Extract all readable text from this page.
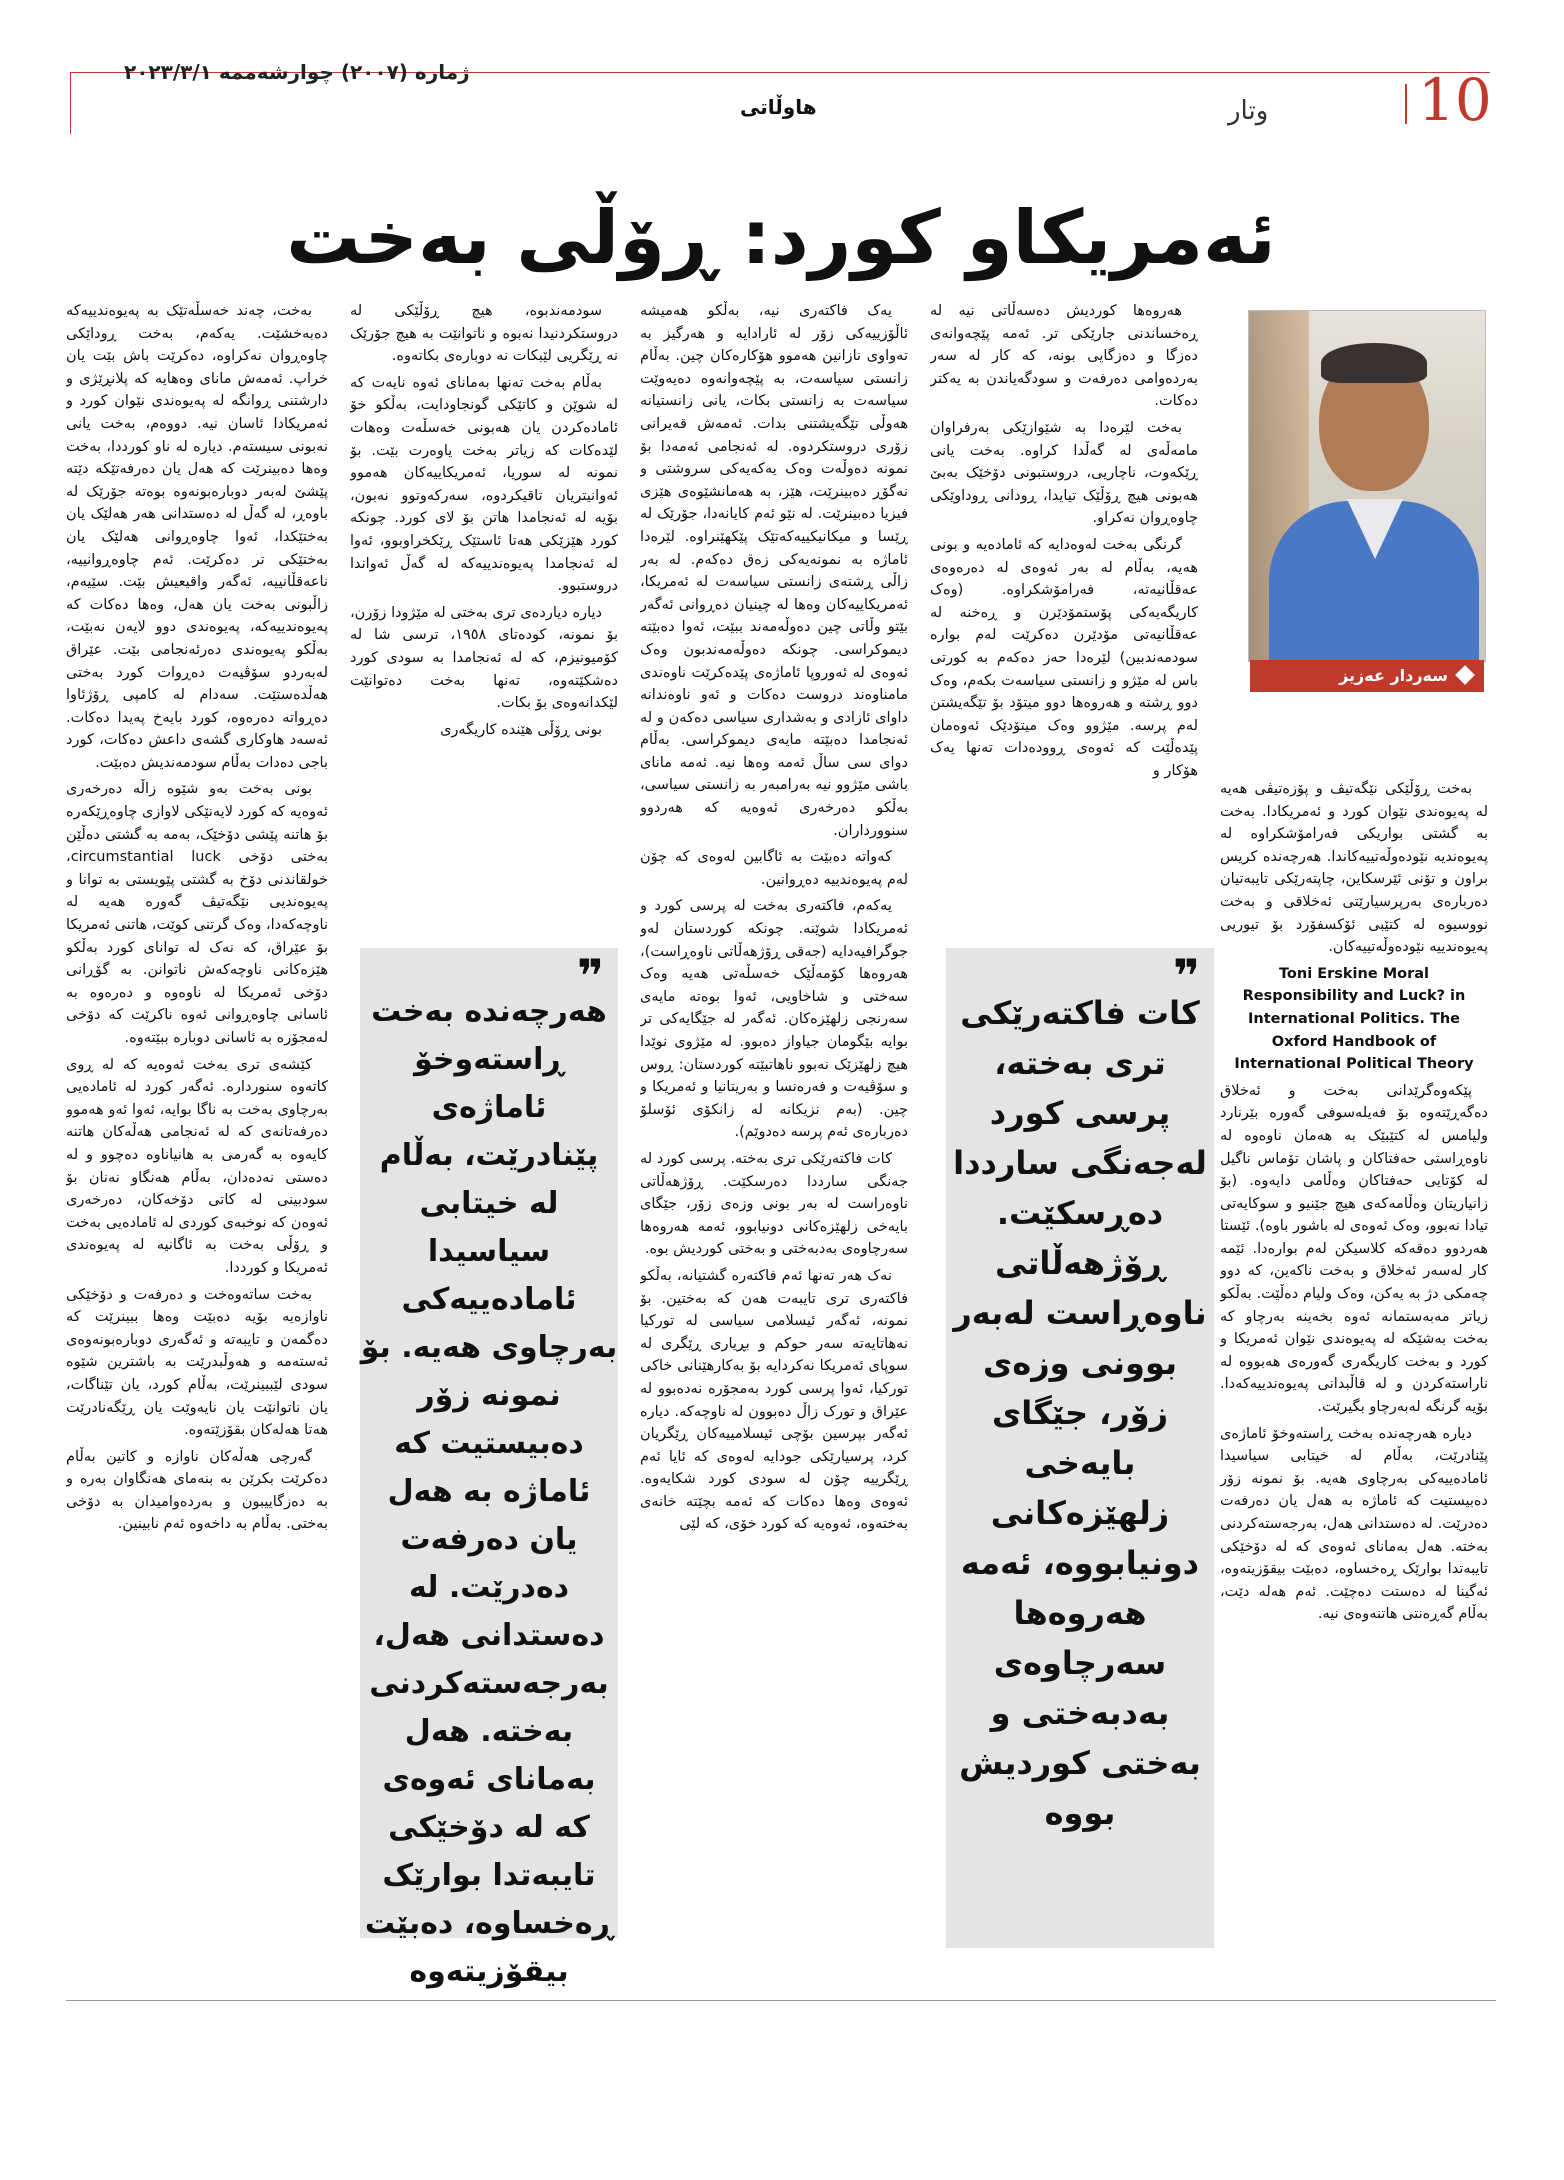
ژمارە (٢٠٠٧) چوارشەممە ٢٠٢٣/٣/١
هاوڵاتی	وتار	10
ئەمریکاو کورد: ڕۆڵی بەخت
سەردار عەزیز

بەخت ڕۆڵێکی نێگەتیڤ و پۆزەتیڤی هەیە لە پەیوەندی نێوان کورد و ئەمریکادا. بەخت بە گشتی بواریکی فەرامۆشکراوە لە پەیوەندیە نێودەوڵەتییەکاندا. هەرچەندە کریس براون و تۆنی ئێرسکاین، چاپتەرێکی تایبەتیان دەربارەی بەرپرسیارێتی ئەخلاقی و بەخت نووسیوە لە کتێبی ئۆکسفۆرد بۆ تیوریی پەیوەندییە نێودەوڵەتییەکان.

Toni Erskine Moral Responsibility and Luck? in International Politics. The Oxford Handbook of International Political Theory

پێکەوەگرێدانی بەخت و ئەخلاق دەگەڕێتەوە بۆ فەیلەسوفی گەورە بێرنارد ولیامس لە کتێبێک بە هەمان ناوەوە لە ناوەڕاستی حەفتاکان و پاشان تۆماس ناگیل لە کۆتایی حەفتاکان وەڵامی دایەوە. (بۆ زانیاریتان وەڵامەکەی هیچ جێنیو و سوکایەتی تیادا نەبوو، وەک ئەوەی لە باشور باوە). ئێستا هەردوو دەقەکە کلاسیکن لەم بوارەدا. ئێمە کار لەسەر ئەخلاق و بەخت ناکەین، کە دوو چەمکی دژ بە یەکن، وەک ولیام دەڵێت. بەڵکو زیاتر مەبەستمانە ئەوە بخەینە بەرچاو کە بەخت بەشێکە لە پەیوەندی نێوان ئەمریکا و کورد و بەخت کاریگەری گەورەی هەبووە لە ناراستەکردن و لە قاڵبدانی پەیوەندییەکەدا. بۆیە گرنگە لەبەرچاو بگیرێت.

دیارە هەرچەندە بەخت ڕاستەوخۆ ئاماژەی پێنادرێت، بەڵام لە خیتابی سیاسیدا ئامادەییەکی بەرچاوی هەیە. بۆ نمونە زۆر دەبیستیت کە ئاماژە بە هەل یان دەرفەت دەدرێت. لە دەستدانی هەل، بەرجەستەکردنی بەختە. هەل بەمانای ئەوەی کە لە دۆخێکی تایبەتدا بوارێک ڕەخساوە، دەبێت بیقۆزیتەوە، ئەگینا لە دەستت دەچێت. ئەم هەلە دێت، بەڵام گەڕەنتی هاتنەوەی نیە.

هەروەها کوردیش دەسەڵاتی نیە لە ڕەخساندنی جارێکی تر. ئەمە پێچەوانەی دەزگا و دەزگایی بونە، کە کار لە سەر بەردەوامی دەرفەت و سودگەیاندن بە یەکتر دەکات.

بەخت لێرەدا بە شێوازێکی بەرفراوان مامەڵەی لە گەڵدا کراوە. بەخت یانی ڕێکەوت، ناچاریی، دروستبونی دۆخێک بەبێ هەبونی هیچ ڕۆڵێک تیایدا، ڕودانی ڕوداوێکی چاوەڕوان نەکراو.

گرنگی بەخت لەوەدایە کە ئامادەیە و بونی هەیە، بەڵام لە بەر ئەوەی لە دەرەوەی عەقڵانیەتە، فەرامۆشکراوە. (وەک کاریگەیەکی پۆستمۆدێرن و ڕەخنە لە عەقڵانیەتی مۆدێرن دەکرێت لەم بوارە سودمەندبین) لێرەدا حەز دەکەم بە کورتی باس لە مێژو و زانستی سیاسەت بکەم، وەک دوو ڕشتە و هەروەها دوو میتۆد بۆ تێگەیشتن لەم پرسە. مێژوو وەک میتۆدێک ئەوەمان پێدەڵێت کە ئەوەی ڕوودەدات تەنها یەک هۆکار و

❞
کات فاکتەرێکی تری بەختە، پرسی کورد لەجەنگی سارددا دەڕسکێت. ڕۆژهەڵاتی ناوەڕاست لەبەر بوونی وزەی زۆر، جێگای بایەخی زلهێزەکانی دونیابووە، ئەمە هەروەها سەرچاوەی بەدبەختی و بەختی کوردیش بووە

یەک فاکتەری نیە، بەڵکو هەمیشە ئاڵۆزییەکی زۆر لە ئارادایە و هەرگیز بە تەواوی نازانین هەموو هۆکارەکان چین. بەڵام زانستی سیاسەت، بە پێچەوانەوە دەیەوێت سیاسەت بە زانستی بکات، یانی زانستیانە هەوڵی تێگەیشتنی بدات. ئەمەش قەیرانی زۆری دروستکردوە. لە ئەنجامی ئەمەدا بۆ نمونە دەوڵەت وەک یەکەیەکی سروشتی و نەگۆڕ دەبینرێت، هێز، بە هەمانشێوەی هێزی فیزیا دەبینرێت. لە نێو ئەم کایانەدا، جۆرێک لە ڕێسا و میکانیکییەکەتێک پێکهێنراوە. لێرەدا ئاماژە بە نمونەیەکی زەق دەکەم. لە بەر زاڵی ڕشتەی زانستی سیاسەت لە ئەمریکا، ئەمریکاییەکان وەها لە چینیان دەڕوانی ئەگەر بێتو وڵاتی چین دەوڵەمەند ببێت، ئەوا دەبێتە دیموکراسی. چونکە دەوڵەمەندبون وەک ئەوەی لە ئەوروپا ئاماژەی پێدەکرێت ناوەندی مامناوەند دروست دەکات و ئەو ناوەندانە داوای ئازادی و بەشداری سیاسی دەکەن و لە ئەنجامدا دەبێتە مایەی دیموکراسی. بەڵام دوای سی ساڵ ئەمە وەها نیە. ئەمە مانای باشی مێژوو نیە بەرامبەر بە زانستی سیاسی، بەڵکو دەرخەری ئەوەیە کە هەردوو سنوورداران.

کەواتە دەبێت بە ئاگابین لەوەی کە چۆن لەم پەیوەندییە دەڕوانین.

یەکەم، فاکتەری بەخت لە پرسی کورد و ئەمریکادا شوێنە. چونکە کوردستان لەو جوگرافیەدایە (جەقی ڕۆژهەڵاتی ناوەڕاست)، هەروەها کۆمەڵێک خەسڵەتی هەیە وەک سەختی و شاخاویی، ئەوا بوەتە مایەی سەرنجی زلهێزەکان. ئەگەر لە جێگایەکی تر بوایە بێگومان جیاواز دەبوو. لە مێژوی نوێدا هیچ زلهێزێک نەبوو ناهاتبێتە کوردستان: ڕوس و سۆڤیەت و فەرەنسا و بەریتانیا و ئەمریکا و چین. (بەم نزیکانە لە زانکۆی ئۆسلۆ دەربارەی ئەم پرسە دەدوێم).

کات فاکتەرێکی تری بەختە. پرسی کورد لە جەنگی سارددا دەرسکێت. ڕۆژهەڵاتی ناوەراست لە بەر بونی وزەی زۆر، جێگای بایەخی زلهێزەکانی دونیابوو، ئەمە هەروەها سەرچاوەی بەدبەختی و بەختی کوردیش بوە.

نەک هەر تەنها ئەم فاکتەرە گشتیانە، بەڵکو فاکتەری تری تایبەت هەن کە بەختین. بۆ نمونە، ئەگەر ئیسلامی سیاسی لە تورکیا نەهاتایەتە سەر حوکم و بڕیاری ڕێگری لە سوپای ئەمریکا نەکردایە بۆ بەکارهێنانی خاکی تورکیا، ئەوا پرسی کورد بەمجۆرە نەدەبوو لە عێراق و تورک زاڵ دەبوون لە ناوچەکە. دیارە ئەگەر بپرسین بۆچی ئیسلامییەکان ڕێگریان کرد، پرسیارێکی جودایە لەوەی کە ئایا ئەم ڕێگرییە چۆن لە سودی کورد شکایەوە. ئەوەی وەها دەکات کە ئەمە بچێتە خانەی بەختەوە، ئەوەیە کە کورد خۆی، کە لێی

سودمەندبوە، هیچ ڕۆڵێکی لە دروستکردنیدا نەبوە و ناتوانێت بە هیچ جۆرێک نە ڕێگریی لێبکات نە دوبارەی بکاتەوە.

بەڵام بەخت تەنها بەمانای ئەوە نایەت کە لە شوێن و کاتێکی گونجاودایت، بەڵکو خۆ ئامادەکردن یان هەبونی خەسڵەت وەهات لێدەکات کە زیاتر بەخت یاوەرت بێت. بۆ نمونە لە سوریا، ئەمریکاییەکان هەموو ئەوانیتریان تاقیکردوە، سەرکەوتوو نەبون، بۆیە لە ئەنجامدا هاتن بۆ لای کورد. چونکە کورد هێزێکی هەتا ئاستێک ڕێکخراوبوو، ئەوا لە ئەنجامدا پەیوەندییەکە لە گەڵ ئەواندا دروستبوو.

دیارە دیاردەی تری بەختی لە مێژودا زۆرن، بۆ نمونە، کودەتای ١٩٥٨، ترسی شا لە کۆمیونیزم، کە لە ئەنجامدا بە سودی کورد دەشکێتەوە، تەنها بەخت دەتوانێت لێکدانەوەی بۆ بکات.

بونی ڕۆڵی هێندە کاریگەری

❞
هەرچەندە بەخت ڕاستەوخۆ ئاماژەی پێنادرێت، بەڵام لە خیتابی سیاسیدا ئامادەییەکی بەرچاوی هەیە. بۆ نمونە زۆر دەبیستیت کە ئاماژە بە هەل یان دەرفەت دەدرێت. لە دەستدانی هەل، بەرجەستەکردنی بەختە. هەل بەمانای ئەوەی کە لە دۆخێکی تایبەتدا بوارێک ڕەخساوە، دەبێت بیقۆزیتەوە

بەخت، چەند خەسڵەتێک بە پەیوەندییەکە دەبەخشێت. یەکەم، بەخت ڕوداێکی چاوەڕوان نەکراوە، دەکرێت باش بێت یان خراپ. ئەمەش مانای وەهایە کە پلانڕێژی و دارشتنی ڕوانگە لە پەیوەندی نێوان کورد و ئەمریکادا ئاسان نیە. دووەم، بەخت یانی نەبونی سیستەم. دیارە لە ناو کورددا، بەخت وەها دەبینرێت کە هەل یان دەرفەتێکە دێتە پێشێ لەبەر دوبارەبونەوە بوەتە جۆرێک لە باوەڕ، لە گەڵ لە دەستدانی هەر هەلێک یان بەختێکدا، ئەوا چاوەڕوانی هەلێک یان بەختێکی تر دەکرێت. ئەم چاوەڕوانییە، ناعەقڵانییە، ئەگەر واقیعیش بێت. سێیەم، زاڵبونی بەخت یان هەل، وەها دەکات کە پەیوەندییەکە، پەیوەندی دوو لایەن نەبێت، بەڵکو پەیوەندی دەرئەنجامی بێت. عێراق لەبەردو سۆڤیەت دەڕوات کورد بەختی هەڵدەستێت. سەدام لە کامپی ڕۆژئاوا دەڕواتە دەرەوە، کورد بایەخ پەیدا دەکات. ئەسەد هاوکاری گشەی داعش دەکات، کورد باجی دەدات بەڵام سودمەندیش دەبێت.

بونی بەخت بەو شێوە زاڵە دەرخەری ئەوەیە کە کورد لایەنێکی لاوازی چاوەڕێکەرە بۆ هاتنە پێشی دۆخێک، بەمە بە گشتی دەڵێن بەختی دۆخی circumstantial luck، خولقاندنی دۆخ بە گشتی پێویستی بە توانا و پەیوەندیی نێگەتیڤ گەورە هەیە لە ناوچەکەدا، وەک گرتنی کوێت، هاتنی ئەمریکا بۆ عێراق، کە نەک لە توانای کورد بەڵکو هێزەکانی ناوچەکەش ناتوانن. بە گۆڕانی دۆخی ئەمریکا لە ناوەوە و دەرەوە بە ئاسانی چاوەڕوانی ئەوە ناکرێت کە دۆخی لەمجۆرە بە ئاسانی دوبارە ببێتەوە.

کێشەی تری بەخت ئەوەیە کە لە ڕوی کاتەوە سنوردارە. ئەگەر کورد لە ئامادەیی بەرچاوی بەخت بە ناگا بوایە، ئەوا ئەو هەموو دەرفەتانەی کە لە ئەنجامی هەڵەکان هاتنە کایەوە بە گەرمی بە هانیاناوە دەچوو و لە دەستی نەدەدان، بەڵام هەنگاو نەنان بۆ سودبینی لە کاتی دۆخەکان، دەرخەری ئەوەن کە نوخبەی کوردی لە ئامادەیی بەخت و ڕۆڵی بەخت بە ئاگانیە لە پەیوەندی ئەمریکا و کورددا.

بەخت ساتەوەخت و دەرفەت و دۆخێکی ناوازەیە بۆیە دەبێت وەها ببینرێت کە دەگمەن و تایبەتە و ئەگەری دوبارەبونەوەی ئەستەمە و هەوڵبدرێت بە باشترین شێوە سودی لێببینرێت، بەڵام کورد، یان تێناگات، یان ناتوانێت یان نایەوێت یان ڕێگەنادرێت هەتا هەلەکان بقۆزێتەوە.

گەرچی هەڵەکان ناوازە و کاتین بەڵام دەکرێت بکرێن بە بنەمای هەنگاوان بەرە و بە دەزگاییبون و بەردەوامیدان بە دۆخی بەختی. بەڵام بە داخەوە ئەم نابینین.
